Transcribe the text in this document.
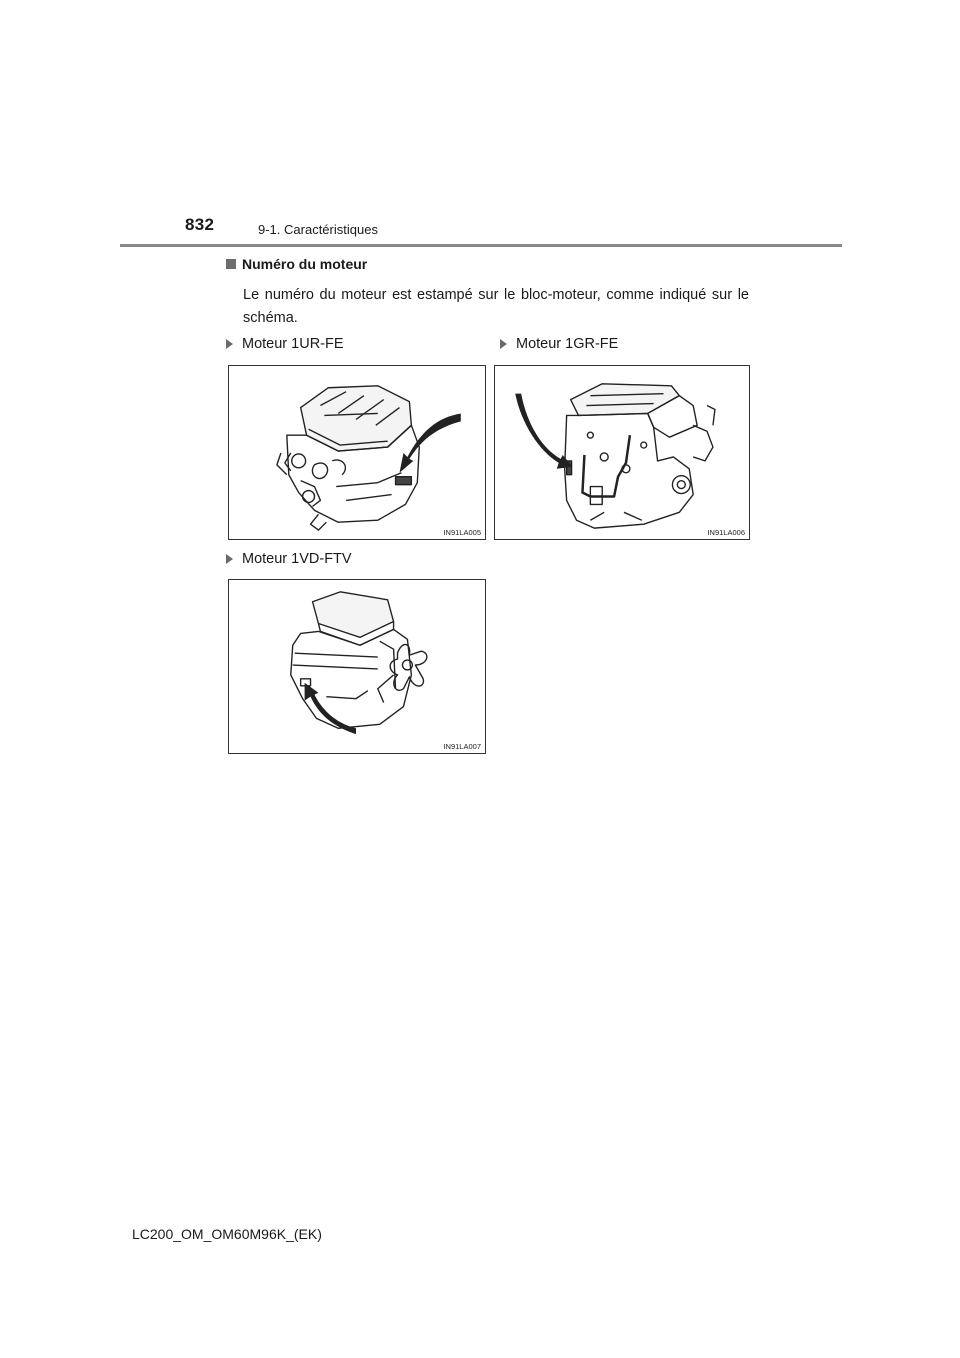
832	9-1. Caractéristiques
Numéro du moteur
Le numéro du moteur est estampé sur le bloc-moteur, comme indiqué sur le schéma.
Moteur 1UR-FE	Moteur 1GR-FE
IN91LA005	IN91LA006
Moteur 1VD-FTV
IN91LA007
LC200_OM_OM60M96K_(EK)
